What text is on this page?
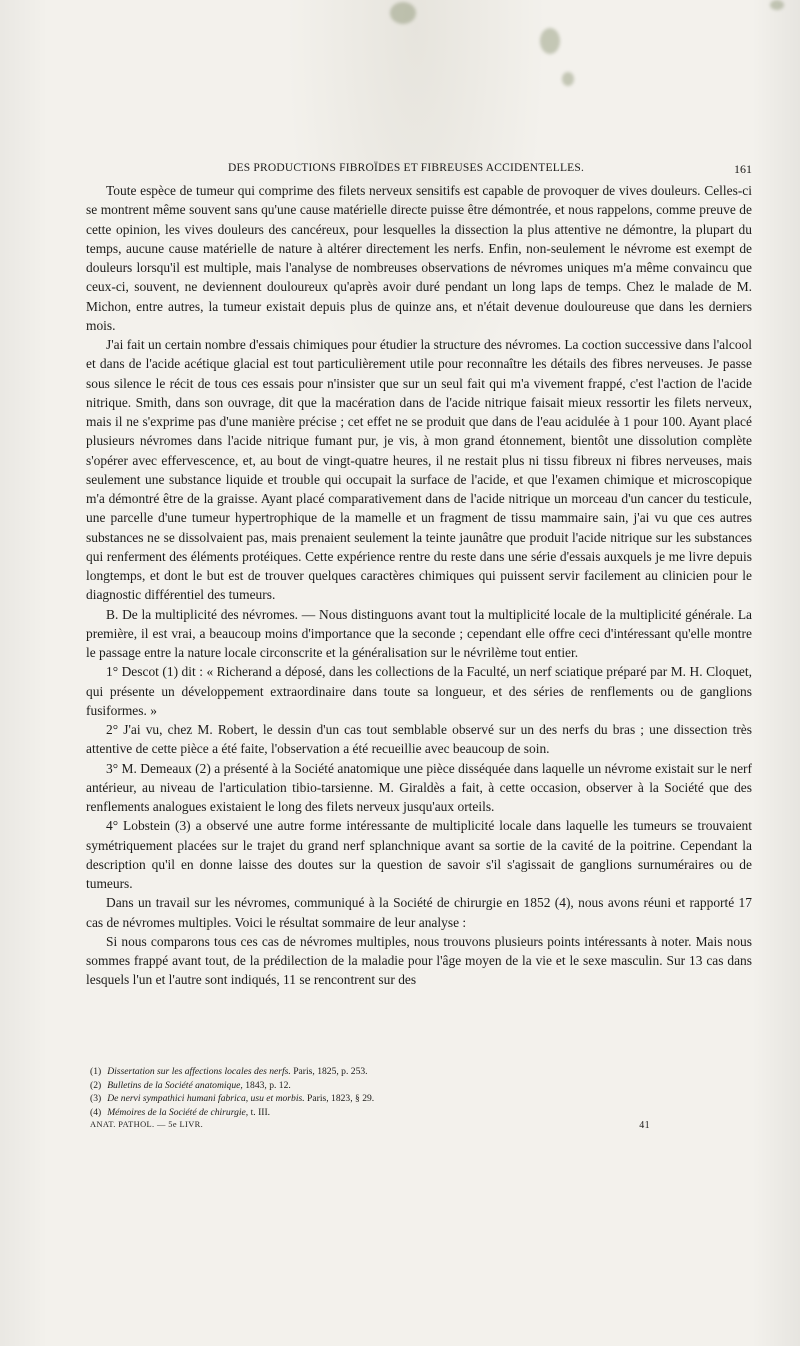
DES PRODUCTIONS FIBROÏDES ET FIBREUSES ACCIDENTELLES.	161

Toute espèce de tumeur qui comprime des filets nerveux sensitifs est capable de provoquer de vives douleurs. Celles-ci se montrent même souvent sans qu'une cause matérielle directe puisse être démontrée, et nous rappelons, comme preuve de cette opinion, les vives douleurs des cancéreux, pour lesquelles la dissection la plus attentive ne démontre, la plupart du temps, aucune cause matérielle de nature à altérer directement les nerfs. Enfin, non-seulement le névrome est exempt de douleurs lorsqu'il est multiple, mais l'analyse de nombreuses observations de névromes uniques m'a même convaincu que ceux-ci, souvent, ne deviennent douloureux qu'après avoir duré pendant un long laps de temps. Chez le malade de M. Michon, entre autres, la tumeur existait depuis plus de quinze ans, et n'était devenue douloureuse que dans les derniers mois.

J'ai fait un certain nombre d'essais chimiques pour étudier la structure des névromes. La coction successive dans l'alcool et dans de l'acide acétique glacial est tout particulièrement utile pour reconnaître les détails des fibres nerveuses. Je passe sous silence le récit de tous ces essais pour n'insister que sur un seul fait qui m'a vivement frappé, c'est l'action de l'acide nitrique. Smith, dans son ouvrage, dit que la macération dans de l'acide nitrique faisait mieux ressortir les filets nerveux, mais il ne s'exprime pas d'une manière précise ; cet effet ne se produit que dans de l'eau acidulée à 1 pour 100. Ayant placé plusieurs névromes dans l'acide nitrique fumant pur, je vis, à mon grand étonnement, bientôt une dissolution complète s'opérer avec effervescence, et, au bout de vingt-quatre heures, il ne restait plus ni tissu fibreux ni fibres nerveuses, mais seulement une substance liquide et trouble qui occupait la surface de l'acide, et que l'examen chimique et microscopique m'a démontré être de la graisse. Ayant placé comparativement dans de l'acide nitrique un morceau d'un cancer du testicule, une parcelle d'une tumeur hypertrophique de la mamelle et un fragment de tissu mammaire sain, j'ai vu que ces autres substances ne se dissolvaient pas, mais prenaient seulement la teinte jaunâtre que produit l'acide nitrique sur les substances qui renferment des éléments protéiques. Cette expérience rentre du reste dans une série d'essais auxquels je me livre depuis longtemps, et dont le but est de trouver quelques caractères chimiques qui puissent servir facilement au clinicien pour le diagnostic différentiel des tumeurs.

B. De la multiplicité des névromes. — Nous distinguons avant tout la multiplicité locale de la multiplicité générale. La première, il est vrai, a beaucoup moins d'importance que la seconde ; cependant elle offre ceci d'intéressant qu'elle montre le passage entre la nature locale circonscrite et la généralisation sur le névrilème tout entier.

1° Descot (1) dit : « Richerand a déposé, dans les collections de la Faculté, un nerf sciatique préparé par M. H. Cloquet, qui présente un développement extraordinaire dans toute sa longueur, et des séries de renflements ou de ganglions fusiformes. »

2° J'ai vu, chez M. Robert, le dessin d'un cas tout semblable observé sur un des nerfs du bras ; une dissection très attentive de cette pièce a été faite, l'observation a été recueillie avec beaucoup de soin.

3° M. Demeaux (2) a présenté à la Société anatomique une pièce disséquée dans laquelle un névrome existait sur le nerf antérieur, au niveau de l'articulation tibio-tarsienne. M. Giraldès a fait, à cette occasion, observer à la Société que des renflements analogues existaient le long des filets nerveux jusqu'aux orteils.

4° Lobstein (3) a observé une autre forme intéressante de multiplicité locale dans laquelle les tumeurs se trouvaient symétriquement placées sur le trajet du grand nerf splanchnique avant sa sortie de la cavité de la poitrine. Cependant la description qu'il en donne laisse des doutes sur la question de savoir s'il s'agissait de ganglions surnuméraires ou de tumeurs.

Dans un travail sur les névromes, communiqué à la Société de chirurgie en 1852 (4), nous avons réuni et rapporté 17 cas de névromes multiples. Voici le résultat sommaire de leur analyse :

Si nous comparons tous ces cas de névromes multiples, nous trouvons plusieurs points intéressants à noter. Mais nous sommes frappé avant tout, de la prédilection de la maladie pour l'âge moyen de la vie et le sexe masculin. Sur 13 cas dans lesquels l'un et l'autre sont indiqués, 11 se rencontrent sur des

(1) Dissertation sur les affections locales des nerfs. Paris, 1825, p. 253.
(2) Bulletins de la Société anatomique, 1843, p. 12.
(3) De nervi sympathici humani fabrica, usu et morbis. Paris, 1823, § 29.
(4) Mémoires de la Société de chirurgie, t. III.
ANAT. PATHOL. — 5e LIVR.	41
